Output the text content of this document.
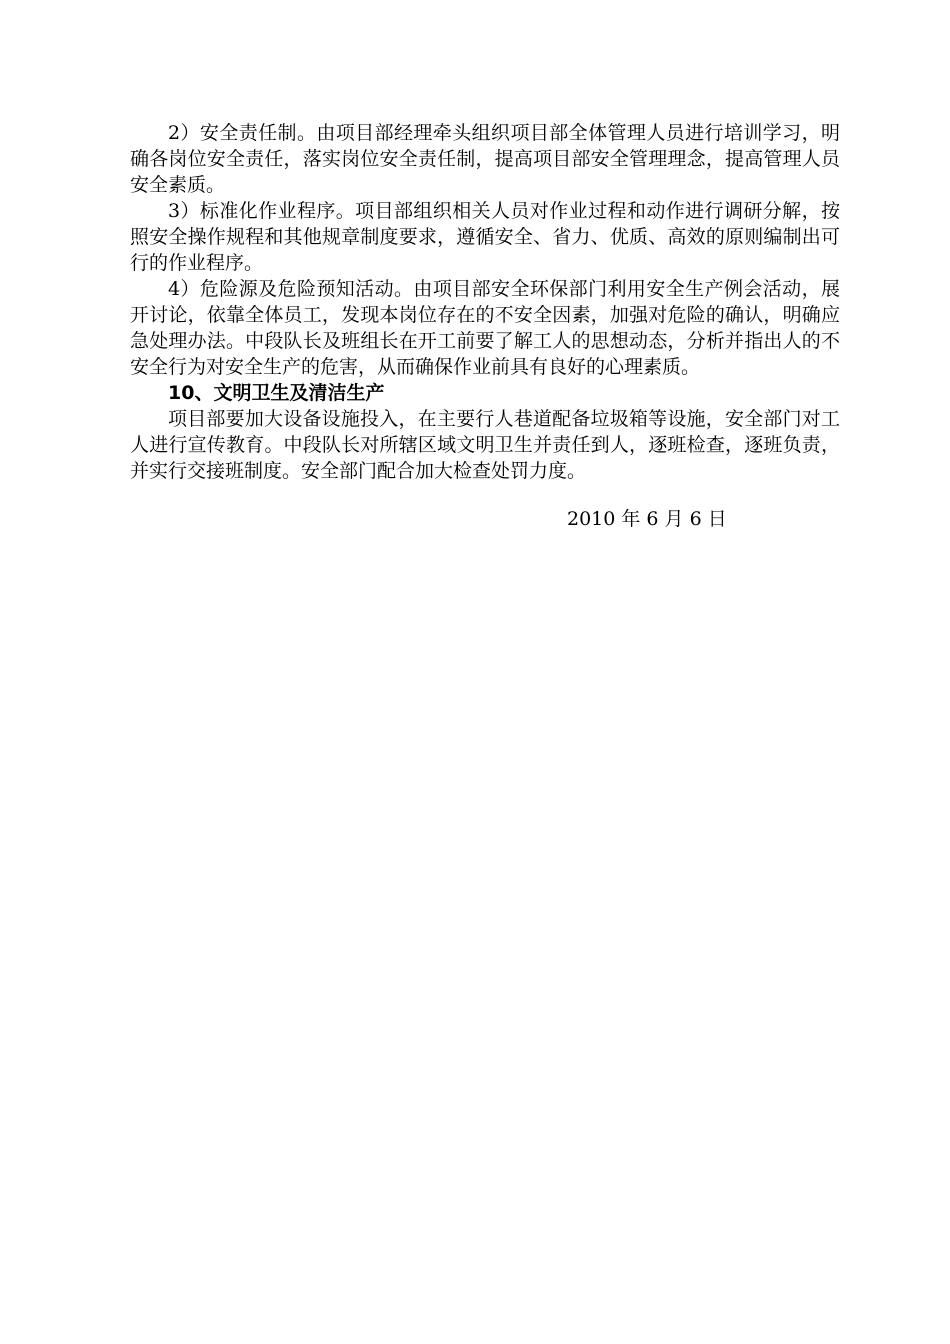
2）安全责任制。由项目部经理牵头组织项目部全体管理人员进行培训学习，明确各岗位安全责任，落实岗位安全责任制，提高项目部安全管理理念，提高管理人员安全素质。

3）标准化作业程序。项目部组织相关人员对作业过程和动作进行调研分解，按照安全操作规程和其他规章制度要求，遵循安全、省力、优质、高效的原则编制出可行的作业程序。

4）危险源及危险预知活动。由项目部安全环保部门利用安全生产例会活动，展开讨论，依靠全体员工，发现本岗位存在的不安全因素，加强对危险的确认，明确应急处理办法。中段队长及班组长在开工前要了解工人的思想动态，分析并指出人的不安全行为对安全生产的危害，从而确保作业前具有良好的心理素质。

10、文明卫生及清洁生产

项目部要加大设备设施投入，在主要行人巷道配备垃圾箱等设施，安全部门对工人进行宣传教育。中段队长对所辖区域文明卫生并责任到人，逐班检查，逐班负责，并实行交接班制度。安全部门配合加大检查处罚力度。

2010 年 6 月 6 日
